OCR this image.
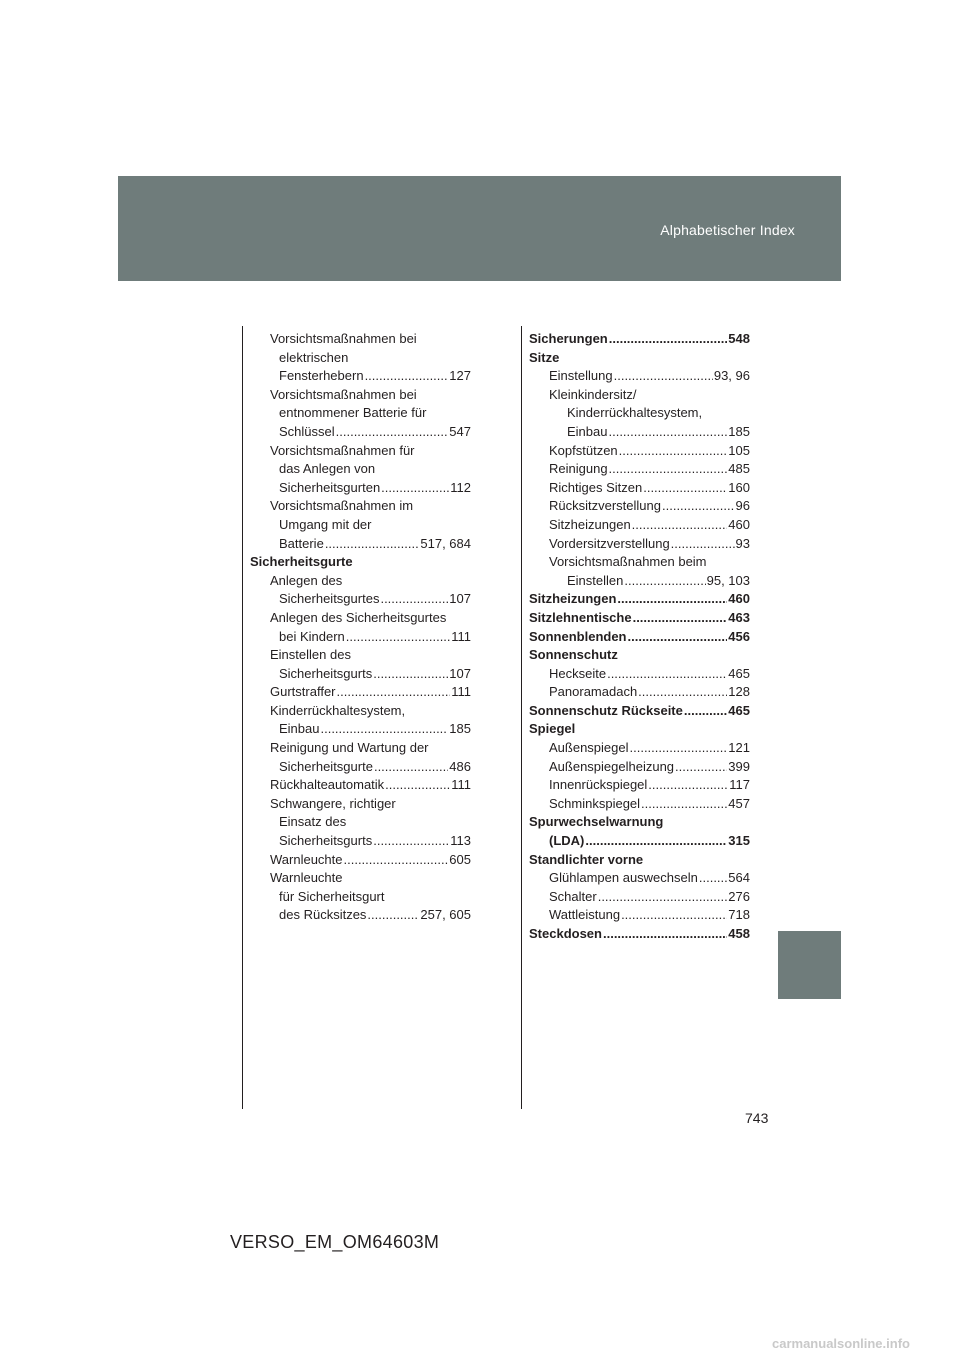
Alphabetischer Index
Vorsichtsmaßnahmen bei
elektrischen
Fensterhebern .....	127
Vorsichtsmaßnahmen bei
entnommener Batterie für
Schlüssel .....	547
Vorsichtsmaßnahmen für
das Anlegen von
Sicherheitsgurten .....	112
Vorsichtsmaßnahmen im
Umgang mit der
Batterie .....	517, 684
Sicherheitsgurte
Anlegen des
Sicherheitsgurtes .....	107
Anlegen des Sicherheitsgurtes
bei Kindern .....	111
Einstellen des
Sicherheitsgurts .....	107
Gurtstraffer .....	111
Kinderrückhaltesystem,
Einbau .....	185
Reinigung und Wartung der
Sicherheitsgurte .....	486
Rückhalteautomatik .....	111
Schwangere, richtiger
Einsatz des
Sicherheitsgurts .....	113
Warnleuchte .....	605
Warnleuchte
für Sicherheitsgurt
des Rücksitzes .....	257, 605
Sicherungen .....	548
Sitze
Einstellung .....	93, 96
Kleinkindersitz/
Kinderrückhaltesystem,
Einbau .....	185
Kopfstützen .....	105
Reinigung .....	485
Richtiges Sitzen .....	160
Rücksitzverstellung .....	96
Sitzheizungen .....	460
Vordersitzverstellung .....	93
Vorsichtsmaßnahmen beim
Einstellen .....	95, 103
Sitzheizungen .....	460
Sitzlehnentische .....	463
Sonnenblenden .....	456
Sonnenschutz
Heckseite .....	465
Panoramadach .....	128
Sonnenschutz Rückseite .....	465
Spiegel
Außenspiegel .....	121
Außenspiegelheizung .....	399
Innenrückspiegel .....	117
Schminkspiegel .....	457
Spurwechselwarnung
(LDA) .....	315
Standlichter vorne
Glühlampen auswechseln ..... 564
Schalter .....	276
Wattleistung .....	718
Steckdosen .....	458
743
VERSO_EM_OM64603M
carmanualsonline.info
